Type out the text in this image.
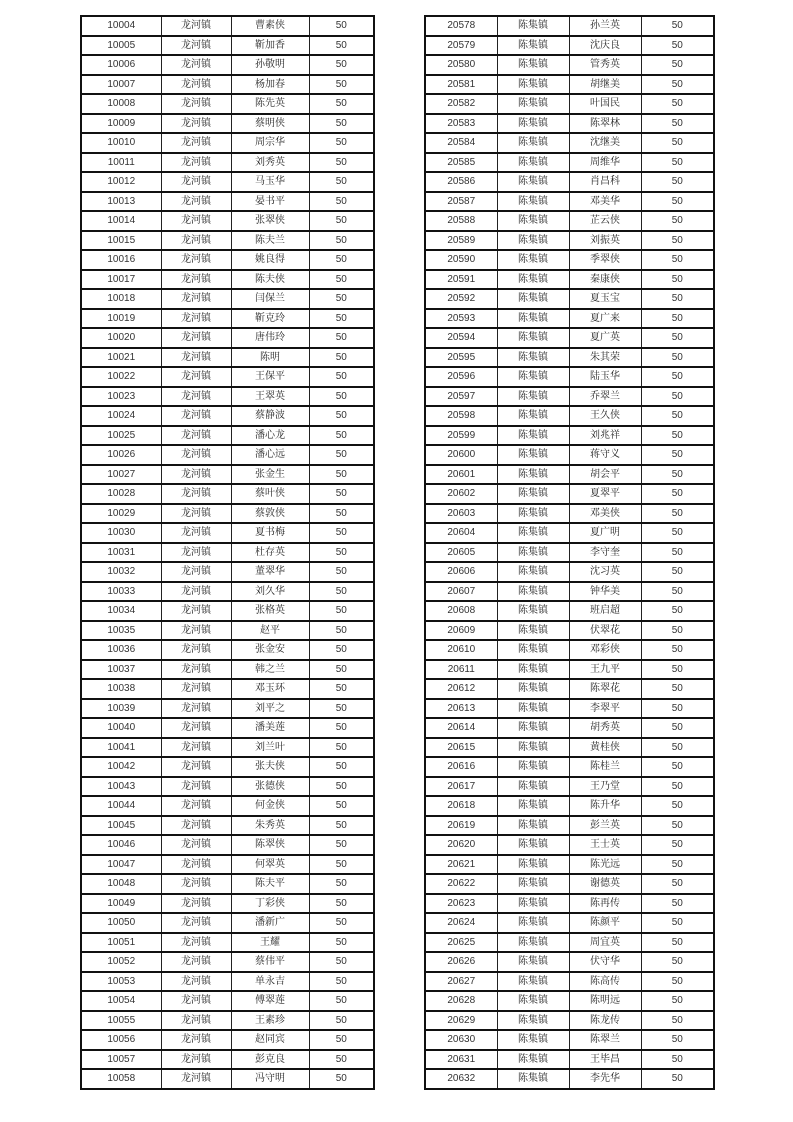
10004	龙河镇	曹素侠	50
10005	龙河镇	靳加香	50
10006	龙河镇	孙敬明	50
10007	龙河镇	杨加春	50
10008	龙河镇	陈先英	50
10009	龙河镇	蔡明侠	50
10010	龙河镇	周宗华	50
10011	龙河镇	刘秀英	50
10012	龙河镇	马玉华	50
10013	龙河镇	晏书平	50
10014	龙河镇	张翠侠	50
10015	龙河镇	陈夫兰	50
10016	龙河镇	姚良得	50
10017	龙河镇	陈夫侠	50
10018	龙河镇	闫保兰	50
10019	龙河镇	靳克玲	50
10020	龙河镇	唐伟玲	50
10021	龙河镇	陈明	50
10022	龙河镇	王保平	50
10023	龙河镇	王翠英	50
10024	龙河镇	蔡静波	50
10025	龙河镇	潘心龙	50
10026	龙河镇	潘心远	50
10027	龙河镇	张金生	50
10028	龙河镇	蔡叶侠	50
10029	龙河镇	蔡敦侠	50
10030	龙河镇	夏书梅	50
10031	龙河镇	杜存英	50
10032	龙河镇	董翠华	50
10033	龙河镇	刘久华	50
10034	龙河镇	张格英	50
10035	龙河镇	赵平	50
10036	龙河镇	张金安	50
10037	龙河镇	韩之兰	50
10038	龙河镇	邓玉环	50
10039	龙河镇	刘平之	50
10040	龙河镇	潘美莲	50
10041	龙河镇	刘兰叶	50
10042	龙河镇	张夫侠	50
10043	龙河镇	张德侠	50
10044	龙河镇	何金侠	50
10045	龙河镇	朱秀英	50
10046	龙河镇	陈翠侠	50
10047	龙河镇	何翠英	50
10048	龙河镇	陈夫平	50
10049	龙河镇	丁彩侠	50
10050	龙河镇	潘新广	50
10051	龙河镇	王耀	50
10052	龙河镇	蔡伟平	50
10053	龙河镇	单永吉	50
10054	龙河镇	傅翠莲	50
10055	龙河镇	王素珍	50
10056	龙河镇	赵同宾	50
10057	龙河镇	彭克良	50
10058	龙河镇	冯守明	50
20578	陈集镇	孙兰英	50
20579	陈集镇	沈庆良	50
20580	陈集镇	管秀英	50
20581	陈集镇	胡继美	50
20582	陈集镇	叶国民	50
20583	陈集镇	陈翠林	50
20584	陈集镇	沈继美	50
20585	陈集镇	周维华	50
20586	陈集镇	肖昌科	50
20587	陈集镇	邓美华	50
20588	陈集镇	芷云侠	50
20589	陈集镇	刘振英	50
20590	陈集镇	季翠侠	50
20591	陈集镇	秦康侠	50
20592	陈集镇	夏玉宝	50
20593	陈集镇	夏广来	50
20594	陈集镇	夏广英	50
20595	陈集镇	朱其荣	50
20596	陈集镇	陆玉华	50
20597	陈集镇	乔翠兰	50
20598	陈集镇	王久侠	50
20599	陈集镇	刘兆祥	50
20600	陈集镇	蒋守义	50
20601	陈集镇	胡会平	50
20602	陈集镇	夏翠平	50
20603	陈集镇	邓美侠	50
20604	陈集镇	夏广明	50
20605	陈集镇	李守奎	50
20606	陈集镇	沈习英	50
20607	陈集镇	钟华美	50
20608	陈集镇	班启超	50
20609	陈集镇	伏翠花	50
20610	陈集镇	邓彩侠	50
20611	陈集镇	王九平	50
20612	陈集镇	陈翠花	50
20613	陈集镇	李翠平	50
20614	陈集镇	胡秀英	50
20615	陈集镇	黄桂侠	50
20616	陈集镇	陈桂兰	50
20617	陈集镇	王乃堂	50
20618	陈集镇	陈升华	50
20619	陈集镇	彭兰英	50
20620	陈集镇	王士英	50
20621	陈集镇	陈光远	50
20622	陈集镇	谢德英	50
20623	陈集镇	陈再传	50
20624	陈集镇	陈颜平	50
20625	陈集镇	周宜英	50
20626	陈集镇	伏守华	50
20627	陈集镇	陈高传	50
20628	陈集镇	陈明远	50
20629	陈集镇	陈龙传	50
20630	陈集镇	陈翠兰	50
20631	陈集镇	王毕昌	50
20632	陈集镇	李先华	50
